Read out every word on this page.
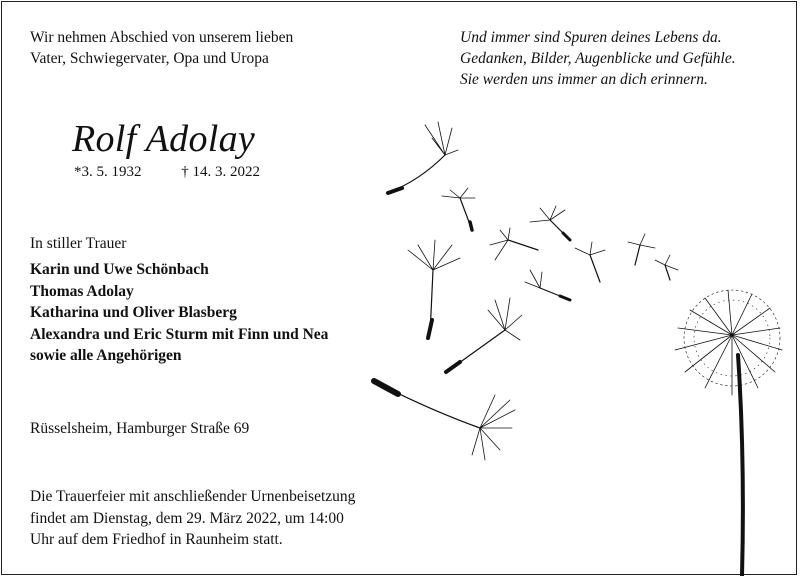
Wir nehmen Abschied von unserem lieben
Vater, Schwiegervater, Opa und Uropa
Und immer sind Spuren deines Lebens da.
Gedanken, Bilder, Augenblicke und Gefühle.
Sie werden uns immer an dich erinnern.
Rolf Adolay
*3. 5. 1932	† 14. 3. 2022
In stiller Trauer
Karin und Uwe Schönbach
Thomas Adolay
Katharina und Oliver Blasberg
Alexandra und Eric Sturm mit Finn und Nea
sowie alle Angehörigen
Rüsselsheim, Hamburger Straße 69
Die Trauerfeier mit anschließender Urnenbeisetzung
findet am Dienstag, dem 29. März 2022, um 14:00
Uhr auf dem Friedhof in Raunheim statt.
